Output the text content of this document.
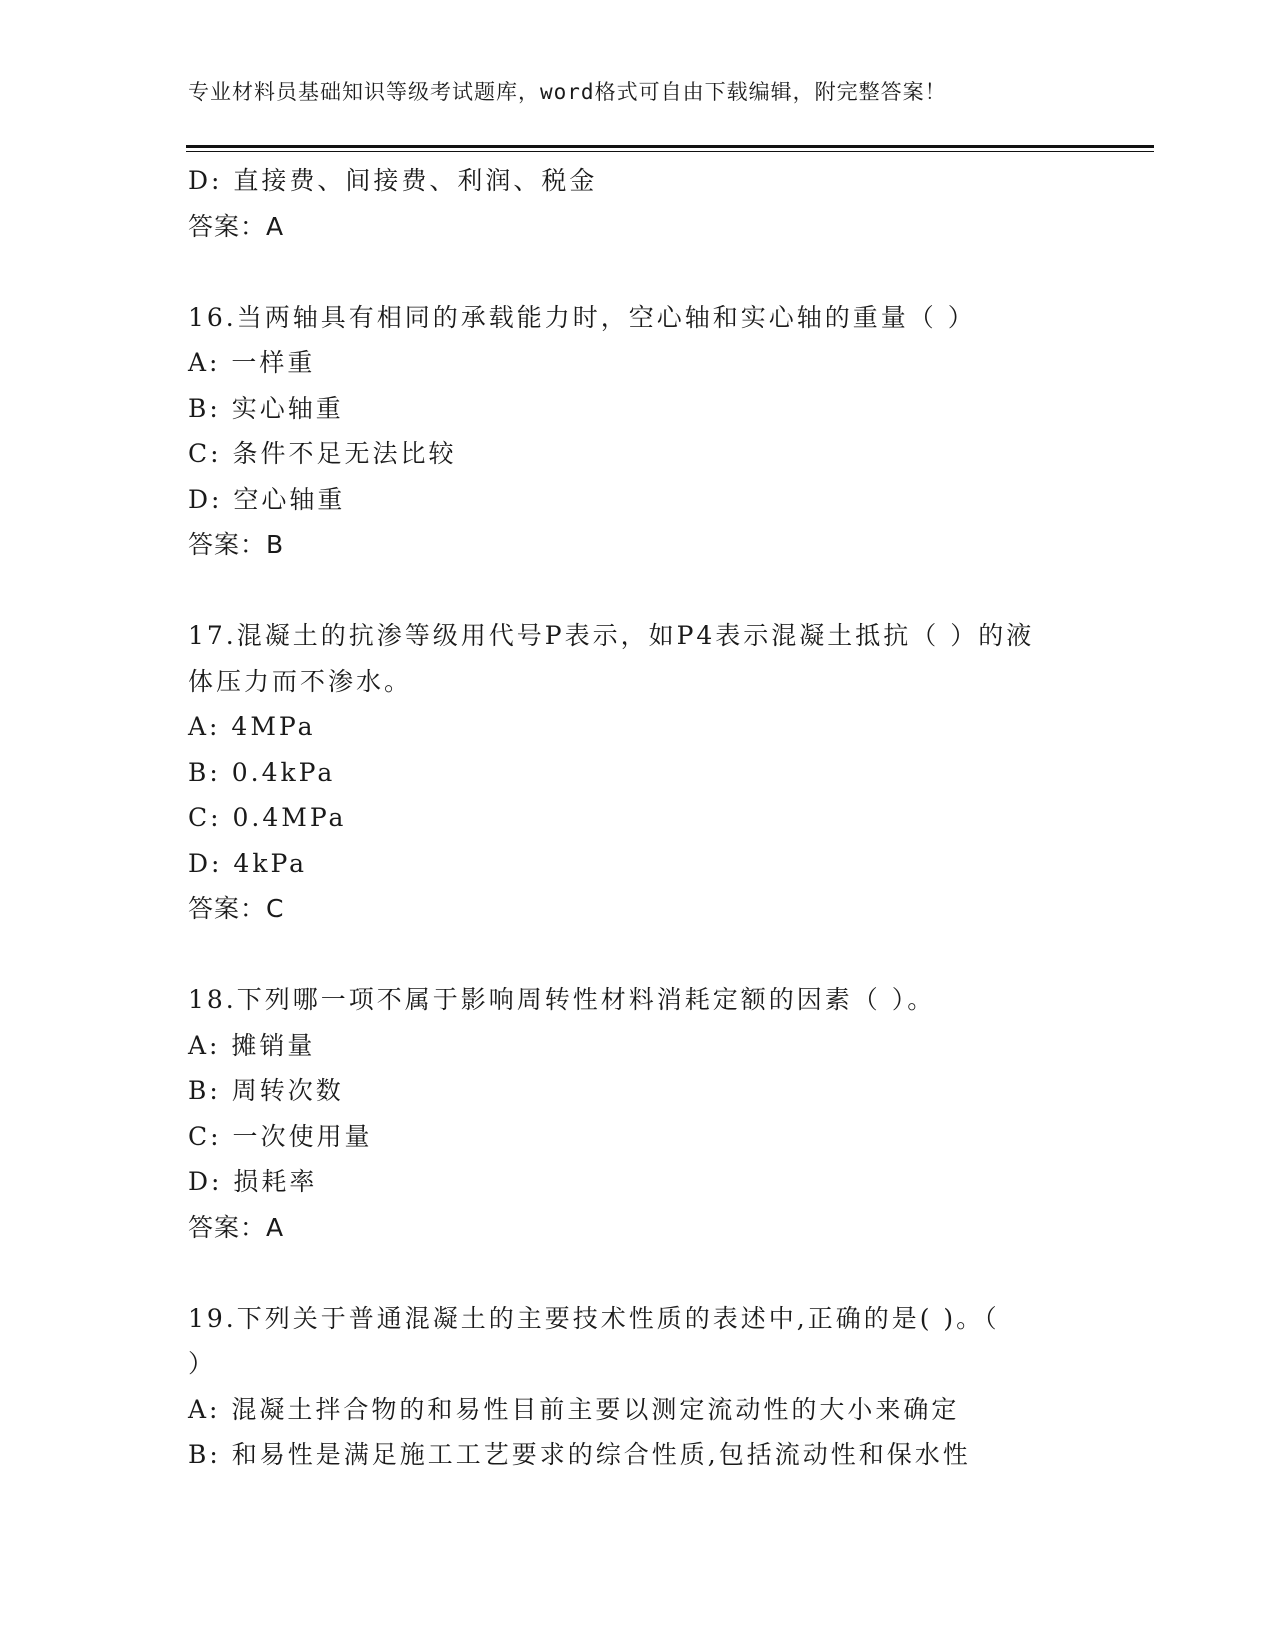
专业材料员基础知识等级考试题库，word格式可自由下载编辑，附完整答案！
D: 直接费、间接费、利润、税金
答案：A
16.当两轴具有相同的承载能力时，空心轴和实心轴的重量（ ）
A: 一样重
B: 实心轴重
C: 条件不足无法比较
D: 空心轴重
答案：B
17.混凝土的抗渗等级用代号P表示，如P4表示混凝土抵抗（ ）的液
体压力而不渗水。
A: 4MPa
B: 0.4kPa
C: 0.4MPa
D: 4kPa
答案：C
18.下列哪一项不属于影响周转性材料消耗定额的因素（ ）。
A: 摊销量
B: 周转次数
C: 一次使用量
D: 损耗率
答案：A
19.下列关于普通混凝土的主要技术性质的表述中,正确的是( )。（
）
A: 混凝土拌合物的和易性目前主要以测定流动性的大小来确定
B: 和易性是满足施工工艺要求的综合性质,包括流动性和保水性
